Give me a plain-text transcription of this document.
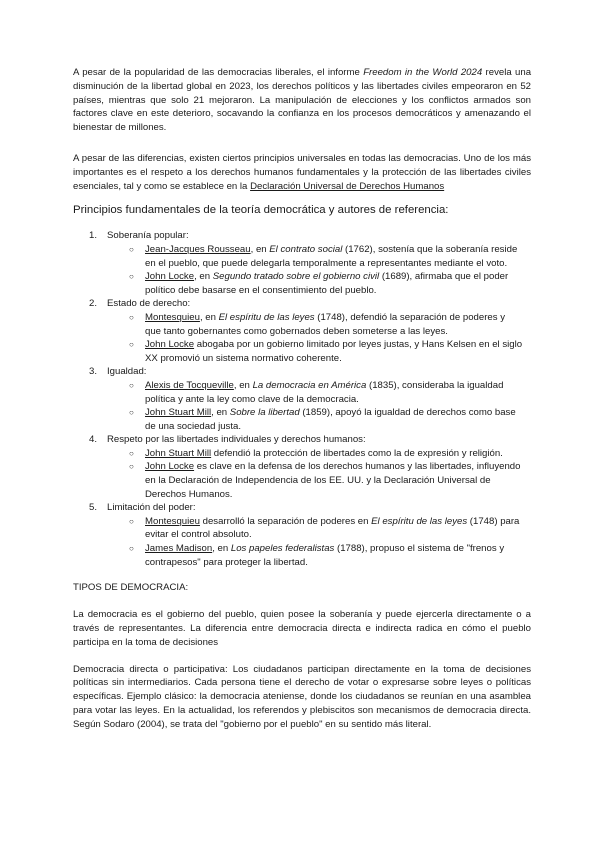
A pesar de la popularidad de las democracias liberales, el informe Freedom in the World 2024 revela una disminución de la libertad global en 2023, los derechos políticos y las libertades civiles empeoraron en 52 países, mientras que solo 21 mejoraron. La manipulación de elecciones y los conflictos armados son factores clave en este deterioro, socavando la confianza en los procesos democráticos y amenazando el bienestar de millones.

A pesar de las diferencias, existen ciertos principios universales en todas las democracias. Uno de los más importantes es el respeto a los derechos humanos fundamentales y la protección de las libertades civiles esenciales, tal y como se establece en la Declaración Universal de Derechos Humanos

Principios fundamentales de la teoría democrática y autores de referencia:
1. Soberanía popular:
○ Jean-Jacques Rousseau, en El contrato social (1762), sostenía que la soberanía reside en el pueblo, que puede delegarla temporalmente a representantes mediante el voto.
○ John Locke, en Segundo tratado sobre el gobierno civil (1689), afirmaba que el poder político debe basarse en el consentimiento del pueblo.
2. Estado de derecho:
○ Montesquieu, en El espíritu de las leyes (1748), defendió la separación de poderes y que tanto gobernantes como gobernados deben someterse a las leyes.
○ John Locke abogaba por un gobierno limitado por leyes justas, y Hans Kelsen en el siglo XX promovió un sistema normativo coherente.
3. Igualdad:
○ Alexis de Tocqueville, en La democracia en América (1835), consideraba la igualdad política y ante la ley como clave de la democracia.
○ John Stuart Mill, en Sobre la libertad (1859), apoyó la igualdad de derechos como base de una sociedad justa.
4. Respeto por las libertades individuales y derechos humanos:
○ John Stuart Mill defendió la protección de libertades como la de expresión y religión.
○ John Locke es clave en la defensa de los derechos humanos y las libertades, influyendo en la Declaración de Independencia de los EE. UU. y la Declaración Universal de Derechos Humanos.
5. Limitación del poder:
○ Montesquieu desarrolló la separación de poderes en El espíritu de las leyes (1748) para evitar el control absoluto.
○ James Madison, en Los papeles federalistas (1788), propuso el sistema de "frenos y contrapesos" para proteger la libertad.
TIPOS DE DEMOCRACIA:

La democracia es el gobierno del pueblo, quien posee la soberanía y puede ejercerla directamente o a través de representantes. La diferencia entre democracia directa e indirecta radica en cómo el pueblo participa en la toma de decisiones

Democracia directa o participativa: Los ciudadanos participan directamente en la toma de decisiones políticas sin intermediarios. Cada persona tiene el derecho de votar o expresarse sobre leyes o políticas específicas. Ejemplo clásico: la democracia ateniense, donde los ciudadanos se reunían en una asamblea para votar las leyes. En la actualidad, los referendos y plebiscitos son mecanismos de democracia directa. Según Sodaro (2004), se trata del "gobierno por el pueblo" en su sentido más literal.
